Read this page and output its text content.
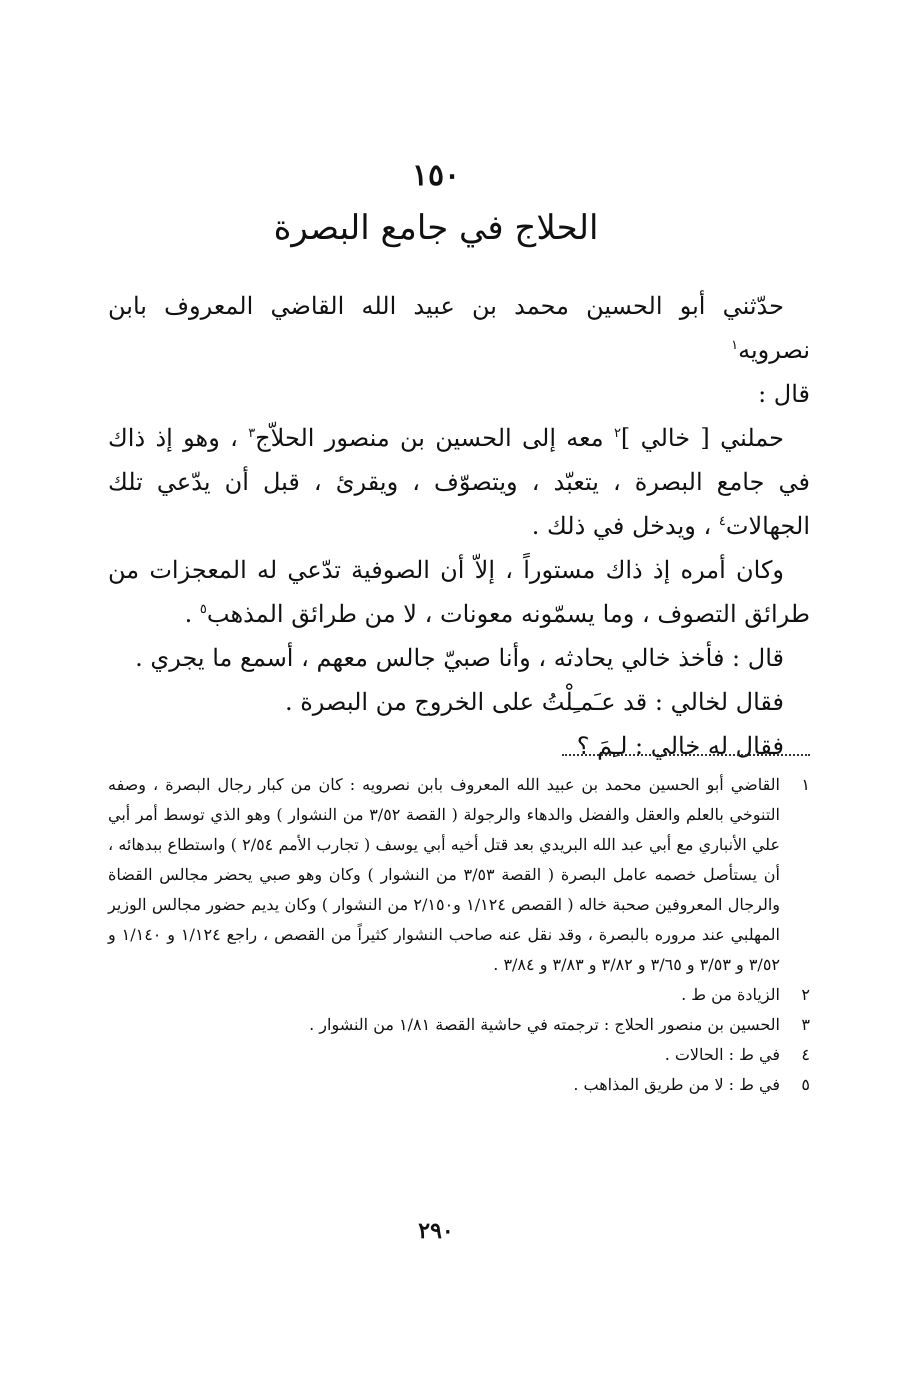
١٥٠
الحلاج في جامع البصرة

حدّثني أبو الحسين محمد بن عبيد الله القاضي المعروف بابن نصرويه$^١$

قال :

حملني [ خالي ]$^٢$ معه إلى الحسين بن منصور الحلاّج$^٣$ ، وهو إذ ذاك في جامع البصرة ، يتعبّد ، ويتصوّف ، ويقرئ ، قبل أن يدّعي تلك الجهالات$^٤$ ، ويدخل في ذلك .

وكان أمره إذ ذاك مستوراً ، إلاّ أن الصوفية تدّعي له المعجزات من طرائق التصوف ، وما يسمّونه معونات ، لا من طرائق المذهب$^٥$ .

قال : فأخذ خالي يحادثه ، وأنا صبيّ جالس معهم ، أسمع ما يجري .

فقال لخالي : قد عـَمـِلْتُ على الخروج من البصرة .

فقال له خالي : لـِمَ ؟

١
القاضي أبو الحسين محمد بن عبيد الله المعروف بابن نصرويه : كان من كبار رجال البصرة ، وصفه التنوخي بالعلم والعقل والفضل والدهاء والرجولة ( القصة ٣/٥٢ من النشوار ) وهو الذي توسط أمر أبي علي الأنباري مع أبي عبد الله البريدي بعد قتل أخيه أبي يوسف ( تجارب الأمم ٢/٥٤ ) واستطاع ببدهائه ، أن يستأصل خصمه عامل البصرة ( القصة ٣/٥٣ من النشوار ) وكان وهو صبي يحضر مجالس القضاة والرجال المعروفين صحبة خاله ( القصص ١/١٢٤ و٢/١٥٠ من النشوار ) وكان يديم حضور مجالس الوزير المهلبي عند مروره بالبصرة ، وقد نقل عنه صاحب النشوار كثيراً من القصص ، راجع ١/١٢٤ و ١/١٤٠ و ٣/٥٢ و ٣/٥٣ و ٣/٦٥ و ٣/٨٢ و ٣/٨٣ و ٣/٨٤ .
٢
الزيادة من ط .
٣
الحسين بن منصور الحلاج : ترجمته في حاشية القصة ١/٨١ من النشوار .
٤
في ط : الحالات .
٥
في ط : لا من طريق المذاهب .
٢٩٠
